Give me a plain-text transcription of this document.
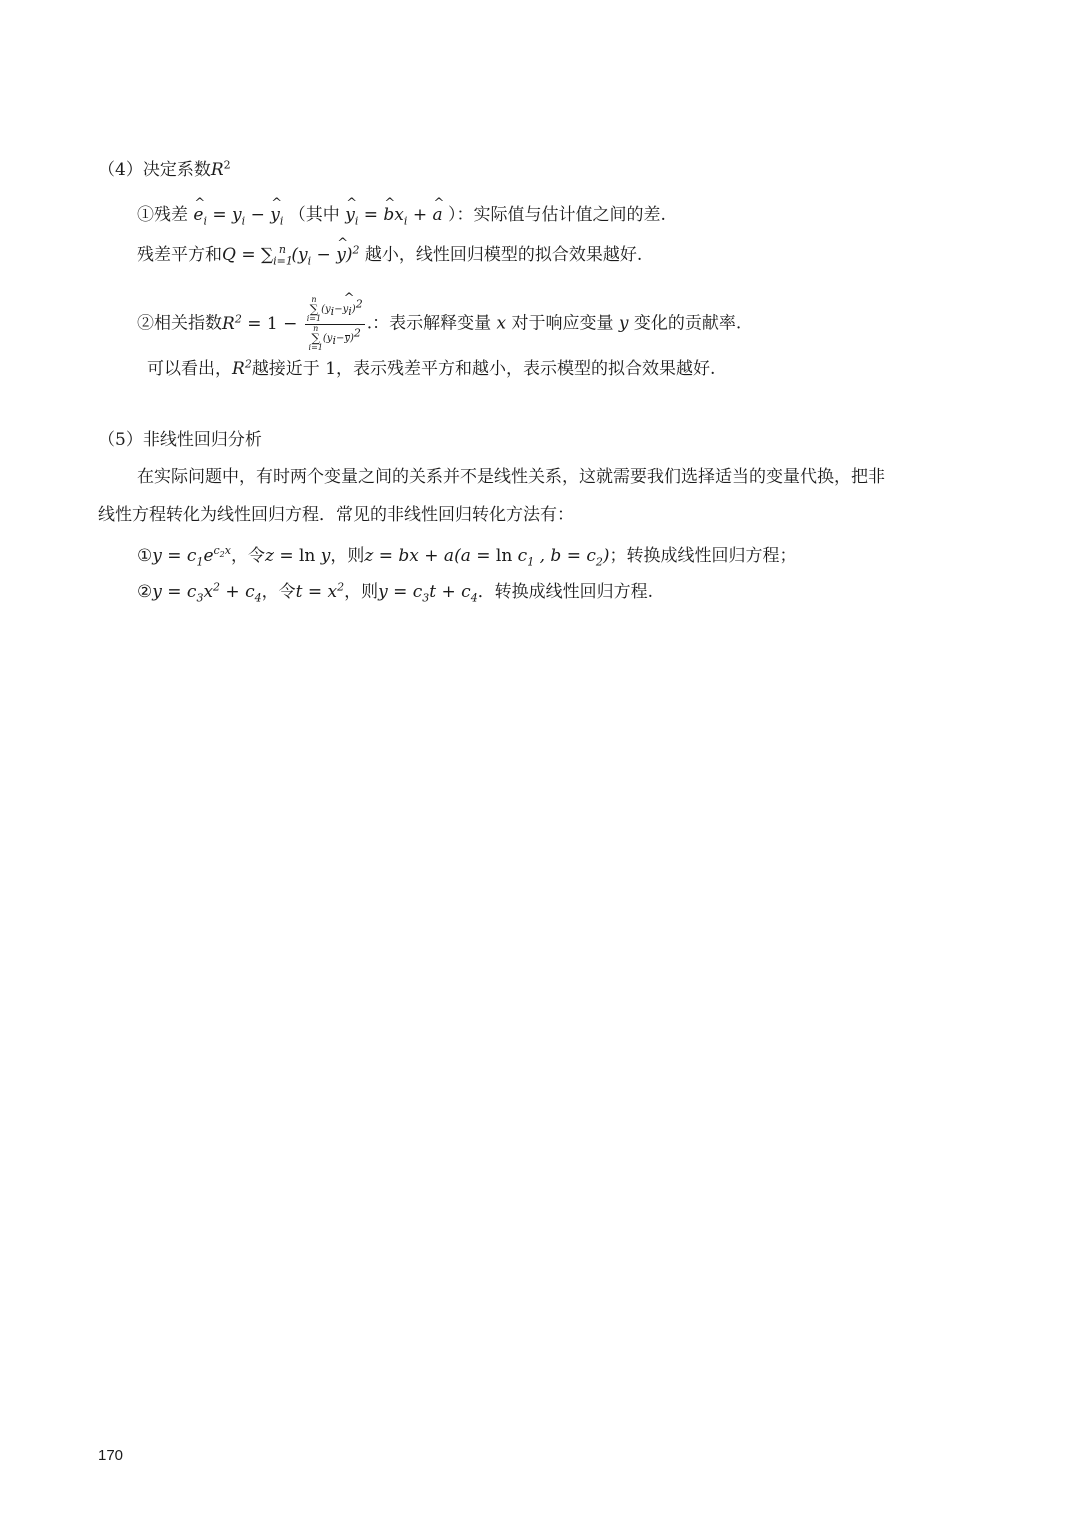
（4）决定系数$R^2$
①残差 ^ $e_i = y_i$ − ^ $y_i$ （其中 ^ $y_i$ = ^ $bx_i$ + ^ a ）：实际值与估计值之间的差.
残差平方和$Q = \sum_{i=1}^n$ ($y_i$ − ^ y)$^2$ 越小，线性回归模型的拟合效果越好.
②相关指数$R^2 = 1 - n$
∑
i=1
($y_i-\^{}$ $y_i)^2$
n
∑
i=1
$(y_i-y)^2$ .：表示解释变量 x 对于响应变量 y 变化的贡献率.
可以看出，$R^2$越接近于 1，表示残差平方和越小，表示模型的拟合效果越好.
（5）非线性回归分析
在实际问题中，有时两个变量之间的关系并不是线性关系，这就需要我们选择适当的变量代换，把非
线性方程转化为线性回归方程．常见的非线性回归转化方法有：
①y = $c_1e^{c_2x}$，令z = ln y，则z = bx + $a(a = \ln c_1$ , $b = c_2$)；转换成线性回归方程；
②y = $c_3x^2 + c_4$，令$t = x^2$，则$y = c_3t + c_4$．转换成线性回归方程.
170
